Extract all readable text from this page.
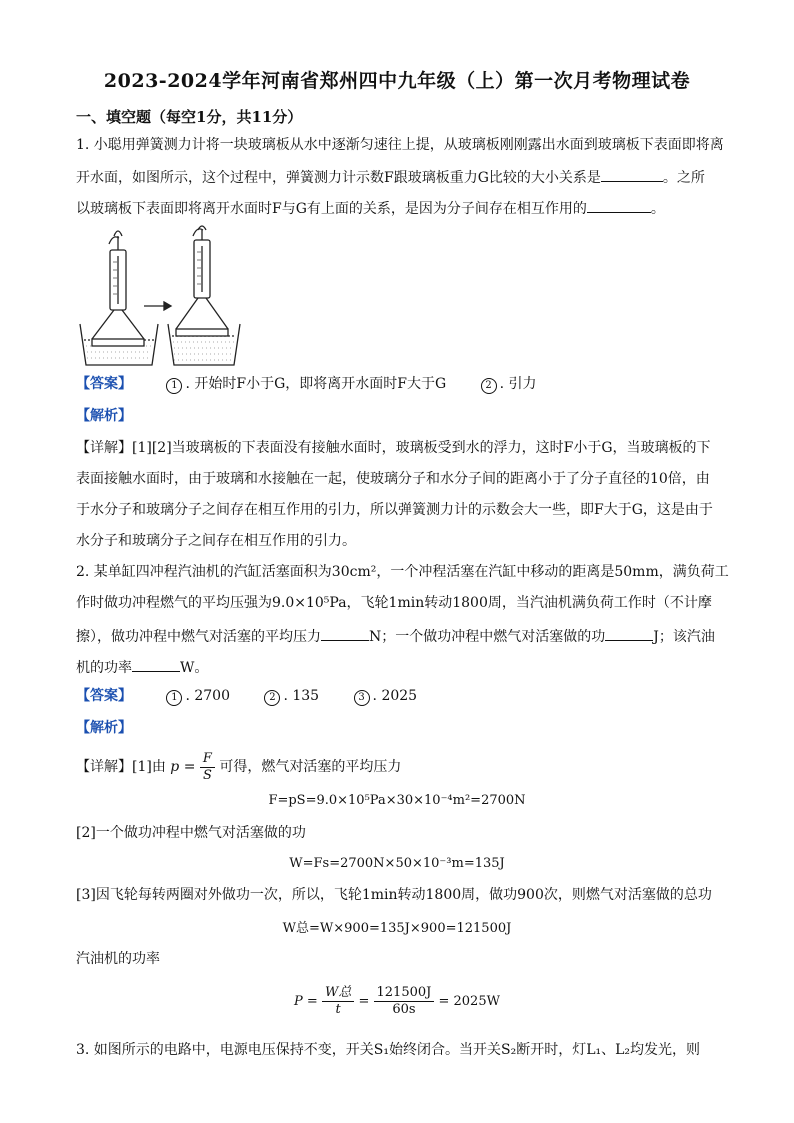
2023-2024学年河南省郑州四中九年级（上）第一次月考物理试卷
一、填空题（每空1分，共11分）
1. 小聪用弹簧测力计将一块玻璃板从水中逐渐匀速往上提，从玻璃板刚刚露出水面到玻璃板下表面即将离
开水面，如图所示，这个过程中，弹簧测力计示数F跟玻璃板重力G比较的大小关系是	。之所
以玻璃板下表面即将离开水面时F与G有上面的关系，是因为分子间存在相互作用的	。
【答案】	1 . 开始时F小于G，即将离开水面时F大于G	2 . 引力
【解析】
【详解】[1][2]当玻璃板的下表面没有接触水面时，玻璃板受到水的浮力，这时F小于G，当玻璃板的下
表面接触水面时，由于玻璃和水接触在一起，使玻璃分子和水分子间的距离小于了分子直径的10倍，由
于水分子和玻璃分子之间存在相互作用的引力，所以弹簧测力计的示数会大一些，即F大于G，这是由于
水分子和玻璃分子之间存在相互作用的引力。
2. 某单缸四冲程汽油机的汽缸活塞面积为30cm²，一个冲程活塞在汽缸中移动的距离是50mm，满负荷工
作时做功冲程燃气的平均压强为9.0×10⁵Pa，飞轮1min转动1800周，当汽油机满负荷工作时（不计摩
擦），做功冲程中燃气对活塞的平均压力	N；一个做功冲程中燃气对活塞做的功	J；该汽油
机的功率	W。
【答案】	1 . 2700	2 . 135	3 . 2025
【解析】
【详解】[1]由 $p = \frac{F}{S}$ 可得，燃气对活塞的平均压力
F=pS=9.0×10⁵Pa×30×10⁻⁴m²=2700N
[2]一个做功冲程中燃气对活塞做的功
W=Fs=2700N×50×10⁻³m=135J
[3]因飞轮每转两圈对外做功一次，所以，飞轮1min转动1800周，做功900次，则燃气对活塞做的总功
W总=W×900=135J×900=121500J
汽油机的功率
$P = \frac{\text{W总}}{t} = \frac{121500J}{60s} = 2025W$
3. 如图所示的电路中，电源电压保持不变，开关S₁始终闭合。当开关S₂断开时，灯L₁、L₂均发光，则
